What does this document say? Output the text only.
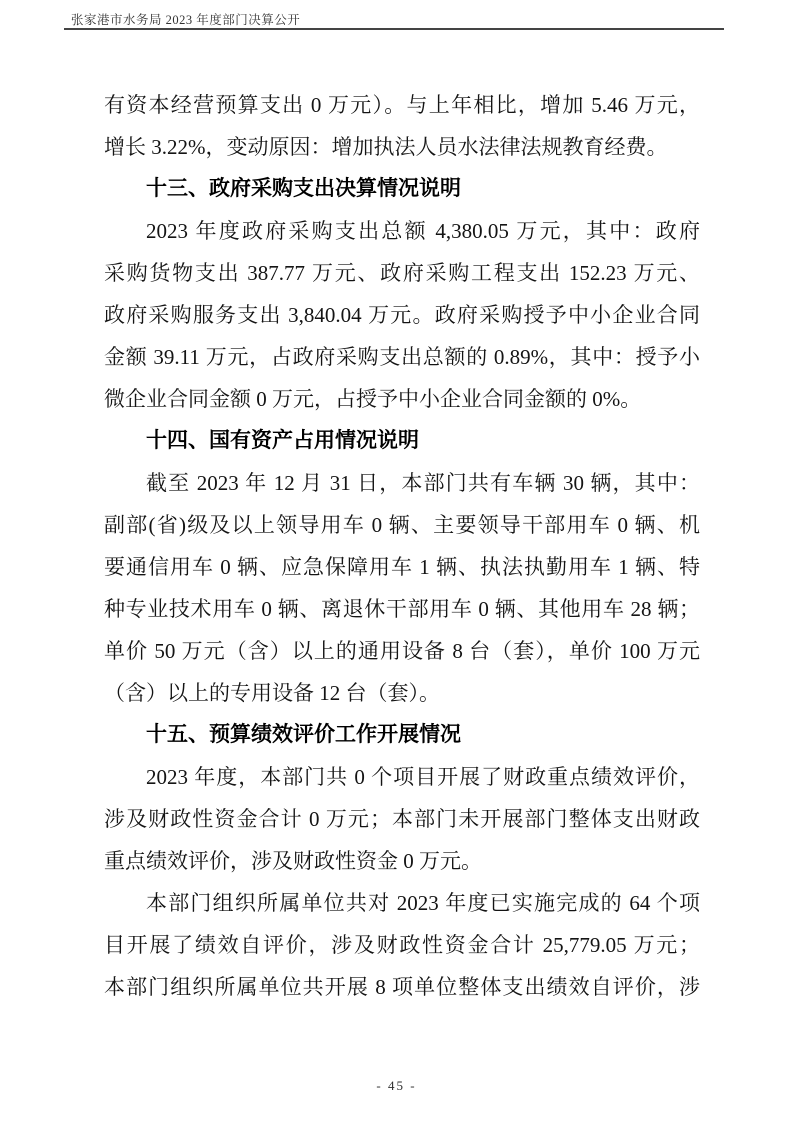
张家港市水务局 2023 年度部门决算公开
有资本经营预算支出 0 万元）。与上年相比，增加 5.46 万元，
增长 3.22%，变动原因：增加执法人员水法律法规教育经费。
十三、政府采购支出决算情况说明
2023 年度政府采购支出总额 4,380.05 万元，其中：政府
采购货物支出 387.77 万元、政府采购工程支出 152.23 万元、
政府采购服务支出 3,840.04 万元。政府采购授予中小企业合同
金额 39.11 万元，占政府采购支出总额的 0.89%，其中：授予小
微企业合同金额 0 万元，占授予中小企业合同金额的 0%。
十四、国有资产占用情况说明
截至 2023 年 12 月 31 日，本部门共有车辆 30 辆，其中：
副部(省)级及以上领导用车 0 辆、主要领导干部用车 0 辆、机
要通信用车 0 辆、应急保障用车 1 辆、执法执勤用车 1 辆、特
种专业技术用车 0 辆、离退休干部用车 0 辆、其他用车 28 辆；
单价 50 万元（含）以上的通用设备 8 台（套），单价 100 万元
（含）以上的专用设备 12 台（套）。
十五、预算绩效评价工作开展情况
2023 年度，本部门共 0 个项目开展了财政重点绩效评价，
涉及财政性资金合计 0 万元；本部门未开展部门整体支出财政
重点绩效评价，涉及财政性资金 0 万元。
本部门组织所属单位共对 2023 年度已实施完成的 64 个项
目开展了绩效自评价，涉及财政性资金合计 25,779.05 万元；
本部门组织所属单位共开展 8 项单位整体支出绩效自评价，涉
- 45 -
